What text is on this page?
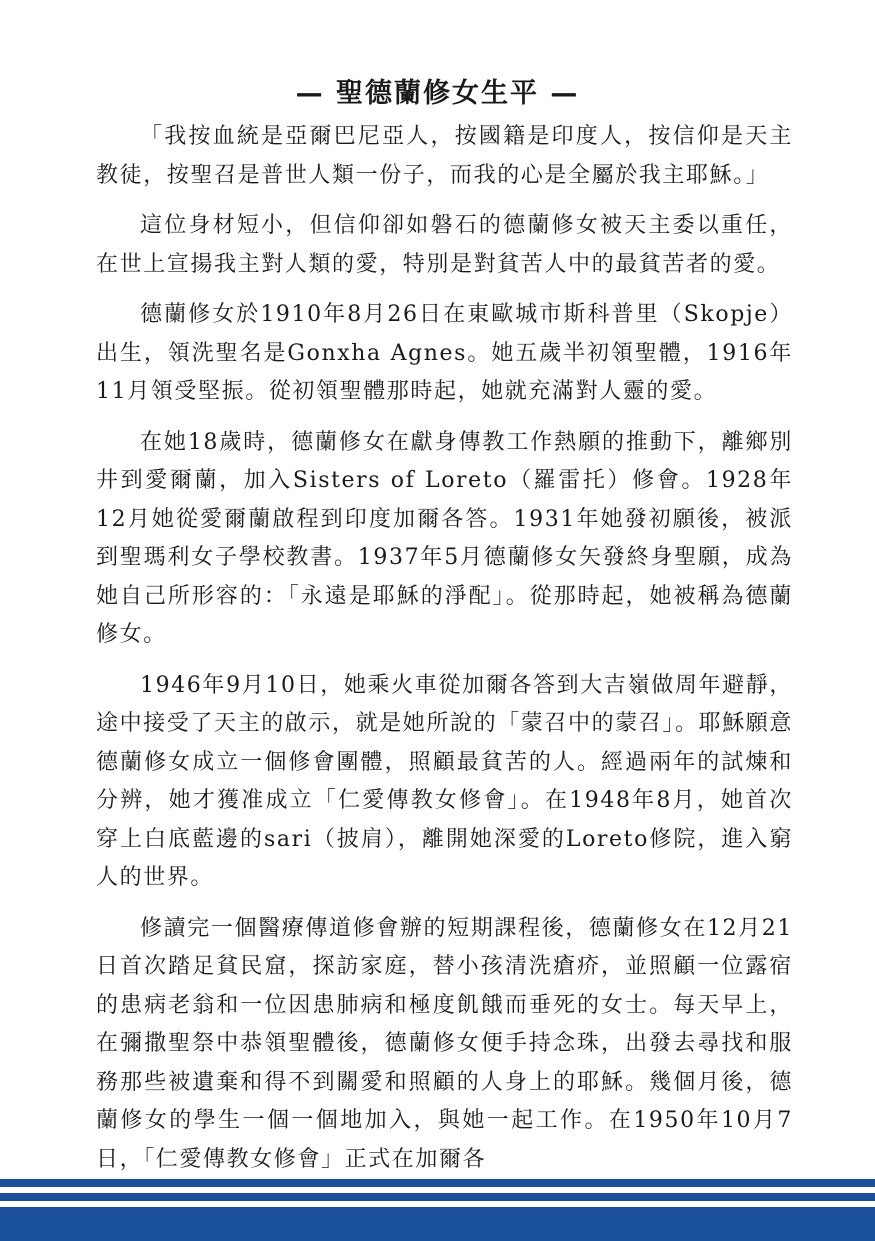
— 聖德蘭修女生平 —

「我按血統是亞爾巴尼亞人，按國籍是印度人，按信仰是天主教徒，按聖召是普世人類一份子，而我的心是全屬於我主耶穌。」

這位身材短小，但信仰卻如磐石的德蘭修女被天主委以重任，在世上宣揚我主對人類的愛，特別是對貧苦人中的最貧苦者的愛。

德蘭修女於1910年8月26日在東歐城市斯科普里（Skopje）出生，領洗聖名是Gonxha Agnes。她五歲半初領聖體，1916年11月領受堅振。從初領聖體那時起，她就充滿對人靈的愛。

在她18歲時，德蘭修女在獻身傳教工作熱願的推動下，離鄉別井到愛爾蘭，加入Sisters of Loreto（羅雷托）修會。1928年12月她從愛爾蘭啟程到印度加爾各答。1931年她發初願後，被派到聖瑪利女子學校教書。1937年5月德蘭修女矢發終身聖願，成為她自己所形容的：「永遠是耶穌的淨配」。從那時起，她被稱為德蘭修女。

1946年9月10日，她乘火車從加爾各答到大吉嶺做周年避靜，途中接受了天主的啟示，就是她所說的「蒙召中的蒙召」。耶穌願意德蘭修女成立一個修會團體，照顧最貧苦的人。經過兩年的試煉和分辨，她才獲准成立「仁愛傳教女修會」。在1948年8月，她首次穿上白底藍邊的sari（披肩），離開她深愛的Loreto修院，進入窮人的世界。

修讀完一個醫療傳道修會辦的短期課程後，德蘭修女在12月21日首次踏足貧民窟，探訪家庭，替小孩清洗瘡疥，並照顧一位露宿的患病老翁和一位因患肺病和極度飢餓而垂死的女士。每天早上，在彌撒聖祭中恭領聖體後，德蘭修女便手持念珠，出發去尋找和服務那些被遺棄和得不到關愛和照顧的人身上的耶穌。幾個月後，德蘭修女的學生一個一個地加入，與她一起工作。在1950年10月7日，「仁愛傳教女修會」正式在加爾各
